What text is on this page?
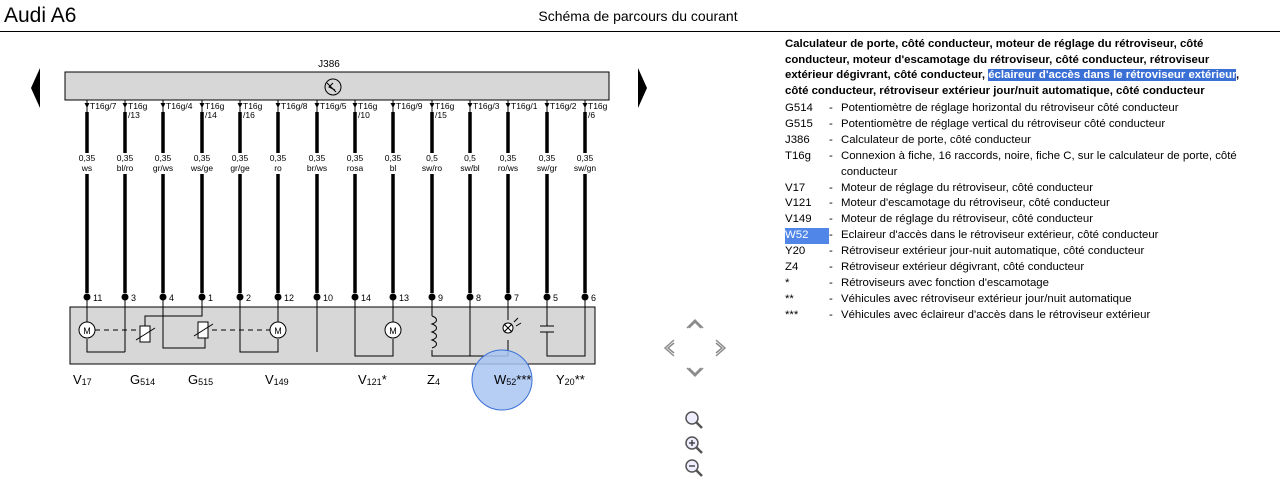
Audi A6	Schéma de parcours du courant
J386
T16g/7
0,35
ws
11
T16g
/13
0,35
bl/ro
3
T16g/4
0,35
gr/ws
4
T16g
/14
0,35
ws/ge
1
T16g
/16
0,35
gr/ge
2
T16g/8
0,35
ro
12
T16g/5
0,35
br/ws
10
T16g
/10
0,35
rosa
14
T16g/9
0,35
bl
13
T16g
/15
0,5
sw/ro
9
T16g/3
0,5
sw/bl
8
T16g/1
0,35
ro/ws
7
T16g/2
0,35
sw/gr
5
T16g
/6
0,35
sw/gn
6
M	M	M
V17	G514	G515	V149	V121*	Z4	W52*** Y20**
Calculateur de porte, côté conducteur, moteur de réglage du rétroviseur, côté conducteur, moteur d'escamotage du rétroviseur, côté conducteur, rétroviseur extérieur dégivrant, côté conducteur, éclaireur d'accès dans le rétroviseur extérieur, côté conducteur, rétroviseur extérieur jour/nuit automatique, côté conducteur
G514	- Potentiomètre de réglage horizontal du rétroviseur côté conducteur
G515	- Potentiomètre de réglage vertical du rétroviseur côté conducteur
J386	- Calculateur de porte, côté conducteur
T16g	- Connexion à fiche, 16 raccords, noire, fiche C, sur le calculateur de porte, côté conducteur
V17	- Moteur de réglage du rétroviseur, côté conducteur
V121	- Moteur d'escamotage du rétroviseur, côté conducteur
V149	- Moteur de réglage du rétroviseur, côté conducteur
W52	- Eclaireur d'accès dans le rétroviseur extérieur, côté conducteur
Y20	- Rétroviseur extérieur jour-nuit automatique, côté conducteur
Z4	- Rétroviseur extérieur dégivrant, côté conducteur
*	- Rétroviseurs avec fonction d'escamotage
**	- Véhicules avec rétroviseur extérieur jour/nuit automatique
***	- Véhicules avec éclaireur d'accès dans le rétroviseur extérieur
